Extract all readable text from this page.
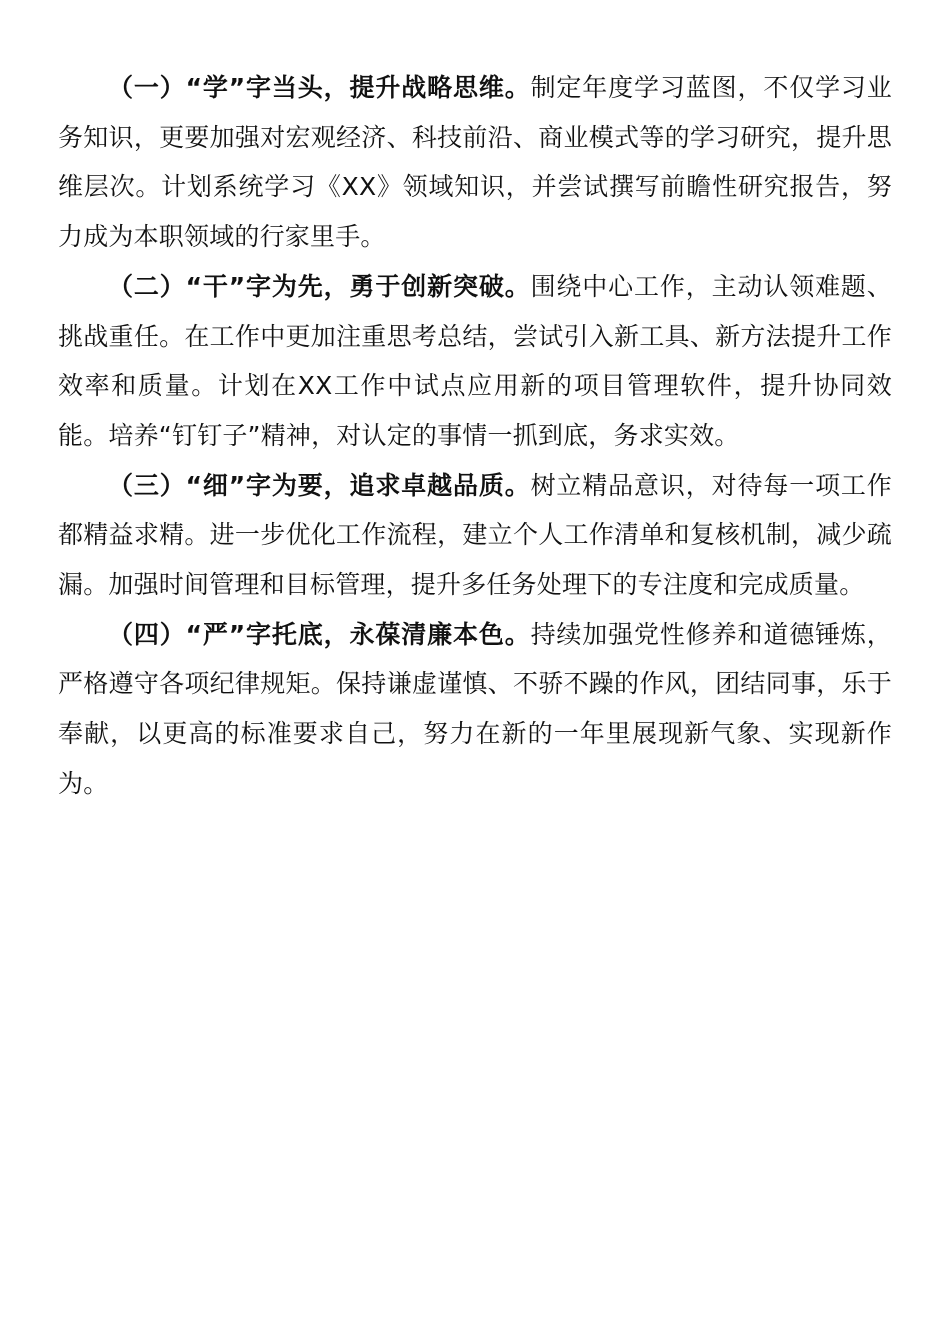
（一）“学”字当头，提升战略思维。制定年度学习蓝图，不仅学习业务知识，更要加强对宏观经济、科技前沿、商业模式等的学习研究，提升思维层次。计划系统学习《XX》领域知识，并尝试撰写前瞻性研究报告，努力成为本职领域的行家里手。

（二）“干”字为先，勇于创新突破。围绕中心工作，主动认领难题、挑战重任。在工作中更加注重思考总结，尝试引入新工具、新方法提升工作效率和质量。计划在XX工作中试点应用新的项目管理软件，提升协同效能。培养“钉钉子”精神，对认定的事情一抓到底，务求实效。

（三）“细”字为要，追求卓越品质。树立精品意识，对待每一项工作都精益求精。进一步优化工作流程，建立个人工作清单和复核机制，减少疏漏。加强时间管理和目标管理，提升多任务处理下的专注度和完成质量。

（四）“严”字托底，永葆清廉本色。持续加强党性修养和道德锤炼，严格遵守各项纪律规矩。保持谦虚谨慎、不骄不躁的作风，团结同事，乐于奉献，以更高的标准要求自己，努力在新的一年里展现新气象、实现新作为。
